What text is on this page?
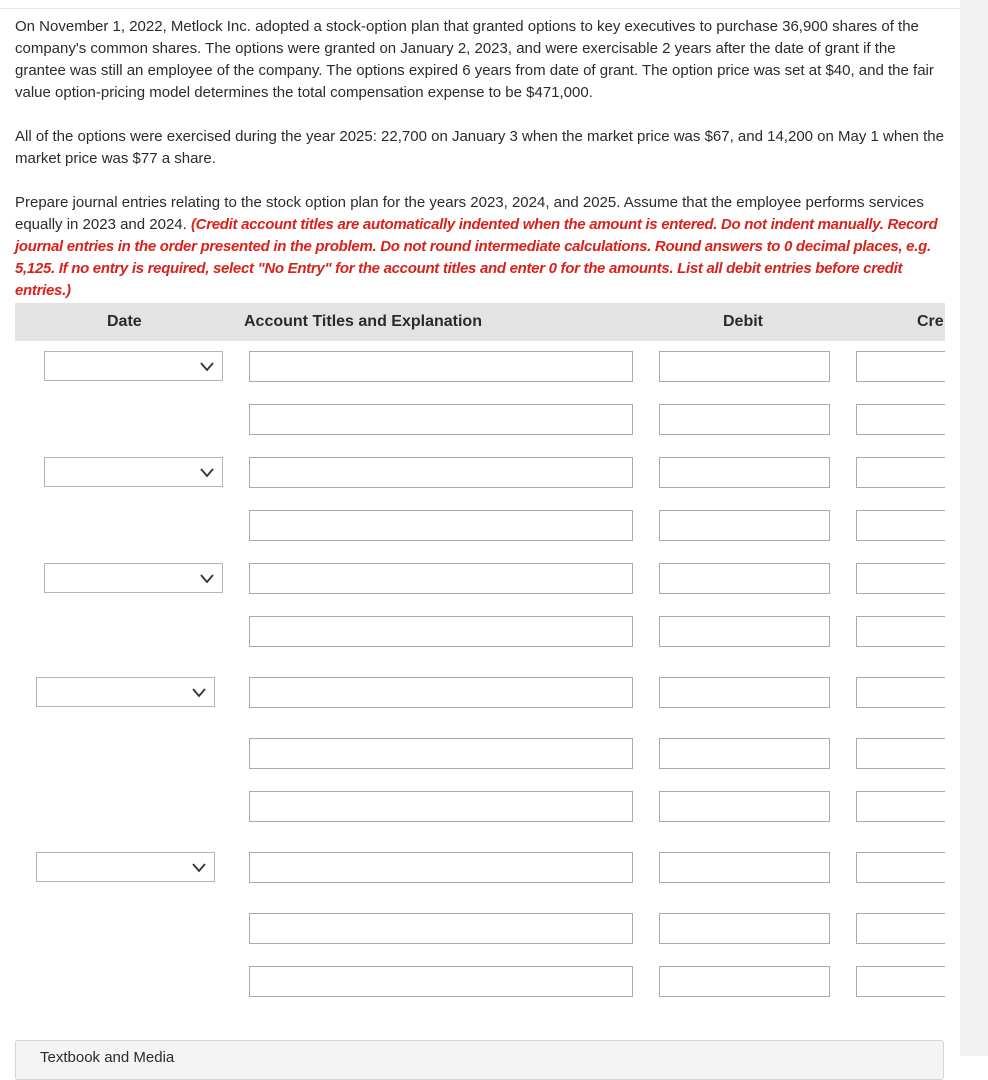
On November 1, 2022, Metlock Inc. adopted a stock-option plan that granted options to key executives to purchase 36,900 shares of the company's common shares. The options were granted on January 2, 2023, and were exercisable 2 years after the date of grant if the grantee was still an employee of the company. The options expired 6 years from date of grant. The option price was set at $40, and the fair value option-pricing model determines the total compensation expense to be $471,000.

All of the options were exercised during the year 2025: 22,700 on January 3 when the market price was $67, and 14,200 on May 1 when the market price was $77 a share.

Prepare journal entries relating to the stock option plan for the years 2023, 2024, and 2025. Assume that the employee performs services equally in 2023 and 2024. (Credit account titles are automatically indented when the amount is entered. Do not indent manually. Record journal entries in the order presented in the problem. Do not round intermediate calculations. Round answers to 0 decimal places, e.g. 5,125. If no entry is required, select "No Entry" for the account titles and enter 0 for the amounts. List all debit entries before credit entries.)

Date	Account Titles and Explanation	Debit	Cre
Textbook and Media
